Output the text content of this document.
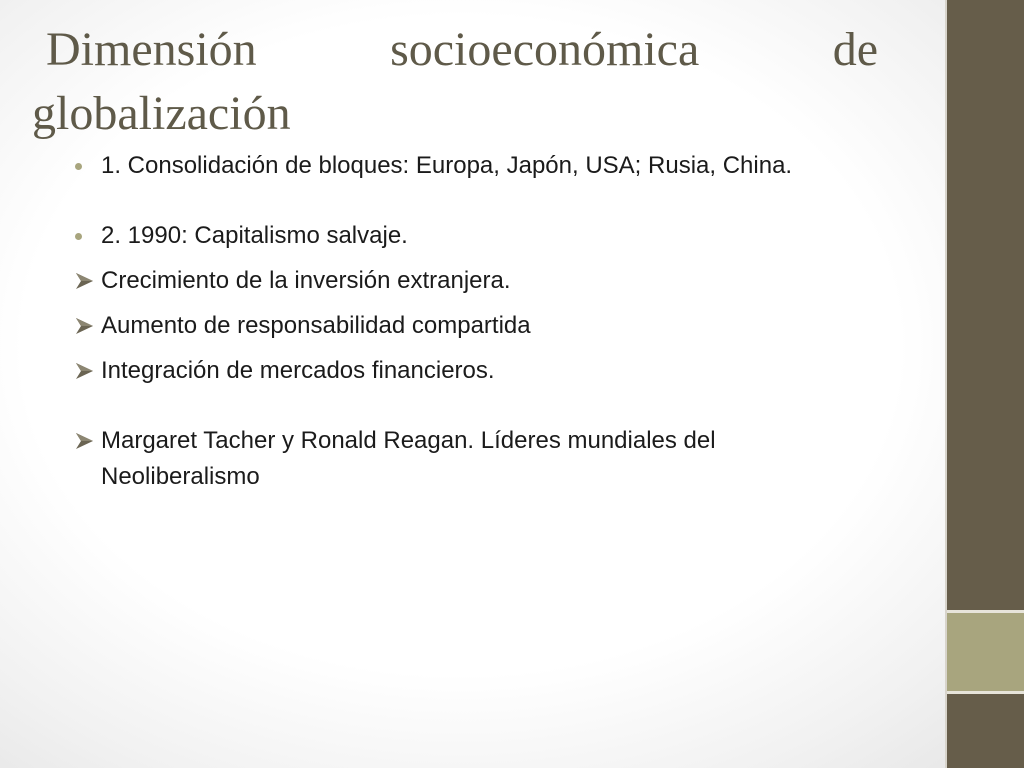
Dimensión	socioeconómica	de
globalización
1. Consolidación de bloques: Europa, Japón, USA; Rusia, China.
2. 1990: Capitalismo salvaje.
Crecimiento de la inversión extranjera.
Aumento de responsabilidad compartida
Integración de mercados financieros.
Margaret Tacher y Ronald Reagan. Líderes mundiales del Neoliberalismo
